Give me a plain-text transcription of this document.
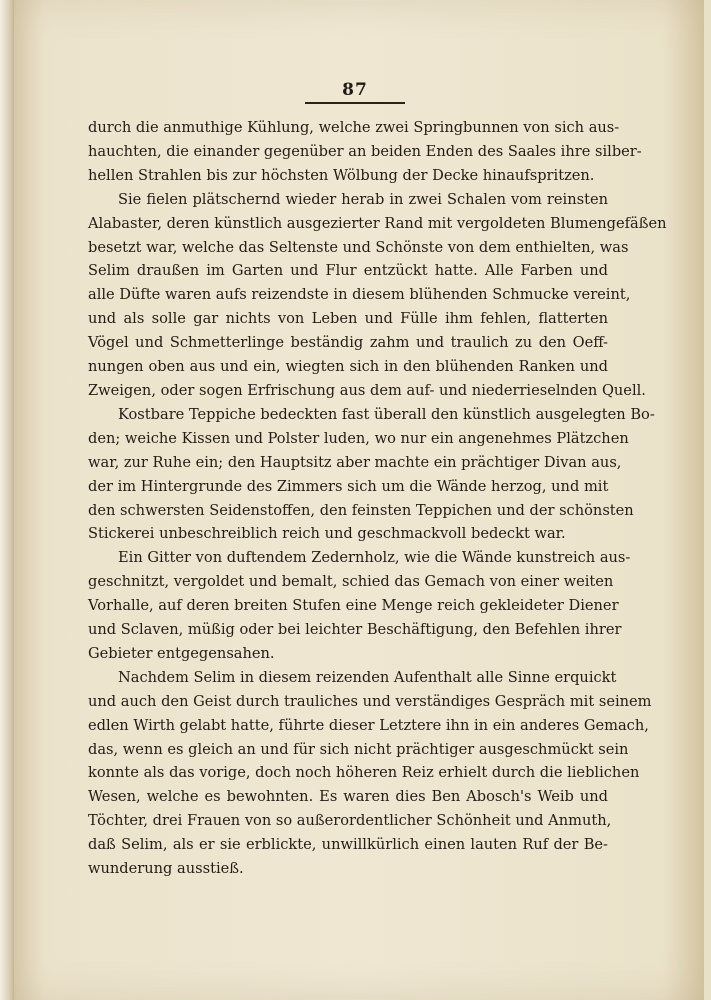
87
durch die anmuthige Kühlung, welche zwei Springbunnen von sich aus-
hauchten, die einander gegenüber an beiden Enden des Saales ihre silber-
hellen Strahlen bis zur höchsten Wölbung der Decke hinaufspritzen.
Sie fielen plätschernd wieder herab in zwei Schalen vom reinsten
Alabaster, deren künstlich ausgezierter Rand mit vergoldeten Blumengefäßen
besetzt war, welche das Seltenste und Schönste von dem enthielten, was
Selim draußen im Garten und Flur entzückt hatte. Alle Farben und
alle Düfte waren aufs reizendste in diesem blühenden Schmucke vereint,
und als solle gar nichts von Leben und Fülle ihm fehlen, flatterten
Vögel und Schmetterlinge beständig zahm und traulich zu den Oeff-
nungen oben aus und ein, wiegten sich in den blühenden Ranken und
Zweigen, oder sogen Erfrischung aus dem auf- und niederrieselnden Quell.
Kostbare Teppiche bedeckten fast überall den künstlich ausgelegten Bo-
den; weiche Kissen und Polster luden, wo nur ein angenehmes Plätzchen
war, zur Ruhe ein; den Hauptsitz aber machte ein prächtiger Divan aus,
der im Hintergrunde des Zimmers sich um die Wände herzog, und mit
den schwersten Seidenstoffen, den feinsten Teppichen und der schönsten
Stickerei unbeschreiblich reich und geschmackvoll bedeckt war.
Ein Gitter von duftendem Zedernholz, wie die Wände kunstreich aus-
geschnitzt, vergoldet und bemalt, schied das Gemach von einer weiten
Vorhalle, auf deren breiten Stufen eine Menge reich gekleideter Diener
und Sclaven, müßig oder bei leichter Beschäftigung, den Befehlen ihrer
Gebieter entgegensahen.
Nachdem Selim in diesem reizenden Aufenthalt alle Sinne erquickt
und auch den Geist durch trauliches und verständiges Gespräch mit seinem
edlen Wirth gelabt hatte, führte dieser Letztere ihn in ein anderes Gemach,
das, wenn es gleich an und für sich nicht prächtiger ausgeschmückt sein
konnte als das vorige, doch noch höheren Reiz erhielt durch die lieblichen
Wesen, welche es bewohnten. Es waren dies Ben Abosch's Weib und
Töchter, drei Frauen von so außerordentlicher Schönheit und Anmuth,
daß Selim, als er sie erblickte, unwillkürlich einen lauten Ruf der Be-
wunderung ausstieß.
